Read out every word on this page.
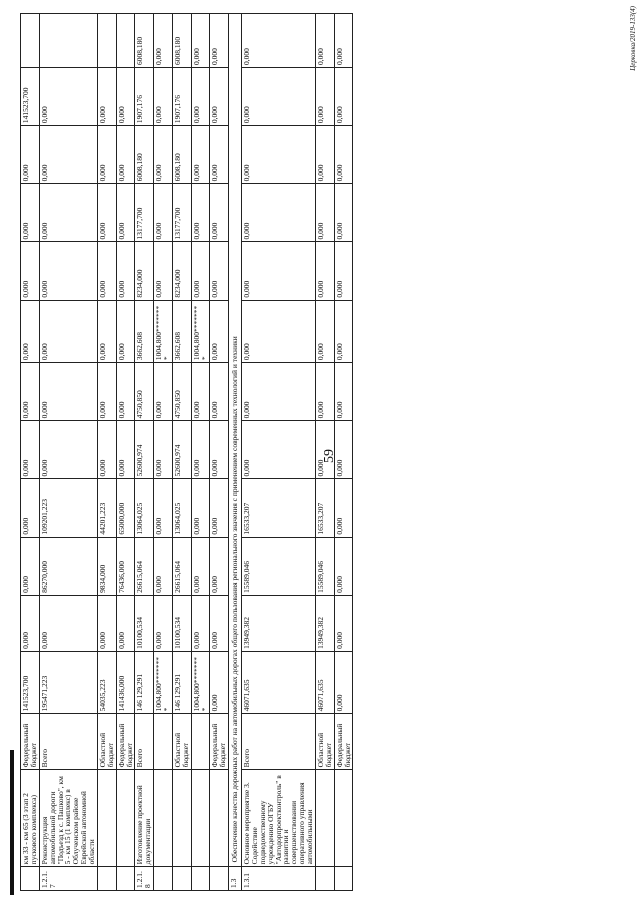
59
	км 33 - км 65 (3 этап 2 пускового комплекса)	Федеральный бюджет	141523,700	0,000	0,000	0,000	0,000	0,000	0,000	0,000	0,000	0,000	141523,700	
1.2.1.7	Реконструкция автомобильной дороги "Подъезд к с. Пашково", км 5 - км 15 (1 комплекс) в Облученском районе Еврейской автономной области	Всего	195471,223	0,000	86270,000	109201,223	0,000	0,000	0,000	0,000	0,000	0,000	0,000	
		Областной бюджет	54035,223	0,000	9834,000	44201,223	0,000	0,000	0,000	0,000	0,000	0,000	0,000	
		Федеральный бюджет	141436,000	0,000	76436,000	65000,000	0,000	0,000	0,000	0,000	0,000	0,000	0,000	
1.2.1.8	Изготовление проектной документации	Всего	146 129,291	10100,534	26615,064	13064,025	52600,974	4750,850	3662,608	8234,000	13177,700	6008,180	1907,176	6008,180
			1004,800********	0,000	0,000	0,000	0,000	0,000	1004,800********	0,000	0,000	0,000	0,000	0,000
		Областной бюджет	146 129,291	10100,534	26615,064	13064,025	52600,974	4750,850	3662,608	8234,000	13177,700	6008,180	1907,176	6008,180
			1004,800********	0,000	0,000	0,000	0,000	0,000	1004,800********	0,000	0,000	0,000	0,000	0,000
		Федеральный бюджет	0,000	0,000	0,000	0,000	0,000	0,000	0,000	0,000	0,000	0,000	0,000	0,000
1.3	Обеспечение качества дорожных работ на автомобильных дорогах общего пользования регионального значения с применением современных технологий и техники													
1.3.1	Основное мероприятие 3. Содействие подведомственному учреждению ОГБУ "Автодорпроектконтроль" в развитии и совершенствовании оперативного управления автомобильными	Всего	46071,635	13949,382	15589,046	16533,207	0,000	0,000	0,000	0,000	0,000	0,000	0,000	0,000
		Областной бюджет	46071,635	13949,382	15589,046	16533,207	0,000	0,000	0,000	0,000	0,000	0,000	0,000	0,000
		Федеральный бюджет	0,000	0,000	0,000	0,000	0,000	0,000	0,000	0,000	0,000	0,000	0,000	0,000	Церковка/2019-133(4)
